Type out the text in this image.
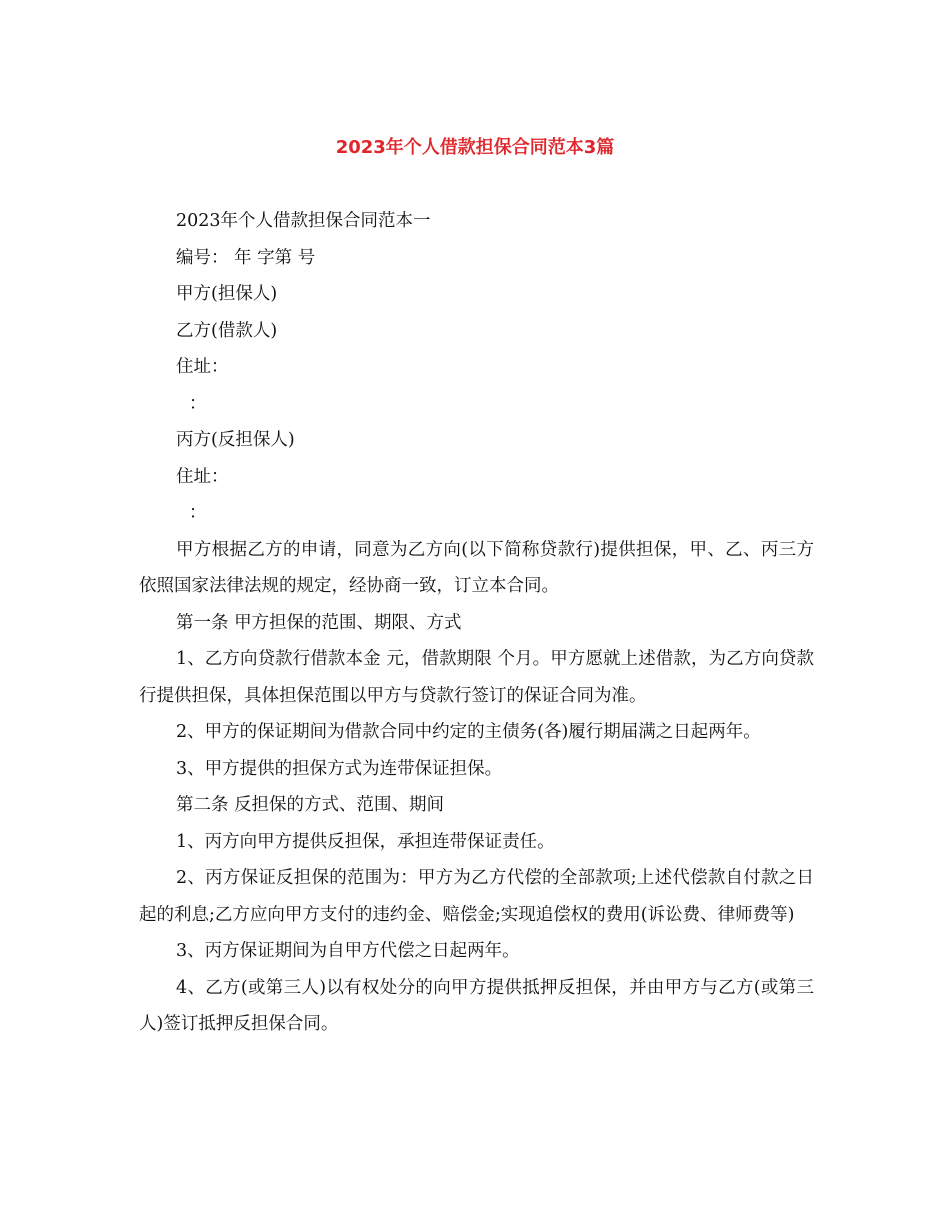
2023年个人借款担保合同范本3篇

2023年个人借款担保合同范本一

编号： 年 字第 号

甲方(担保人)

乙方(借款人)

住址：

：

丙方(反担保人)

住址：

：

甲方根据乙方的申请，同意为乙方向(以下简称贷款行)提供担保，甲、乙、丙三方依照国家法律法规的规定，经协商一致，订立本合同。

第一条 甲方担保的范围、期限、方式

1、乙方向贷款行借款本金 元，借款期限 个月。甲方愿就上述借款，为乙方向贷款行提供担保，具体担保范围以甲方与贷款行签订的保证合同为准。

2、甲方的保证期间为借款合同中约定的主债务(各)履行期届满之日起两年。

3、甲方提供的担保方式为连带保证担保。

第二条 反担保的方式、范围、期间

1、丙方向甲方提供反担保，承担连带保证责任。

2、丙方保证反担保的范围为：甲方为乙方代偿的全部款项;上述代偿款自付款之日起的利息;乙方应向甲方支付的违约金、赔偿金;实现追偿权的费用(诉讼费、律师费等)

3、丙方保证期间为自甲方代偿之日起两年。

4、乙方(或第三人)以有权处分的向甲方提供抵押反担保，并由甲方与乙方(或第三人)签订抵押反担保合同。
